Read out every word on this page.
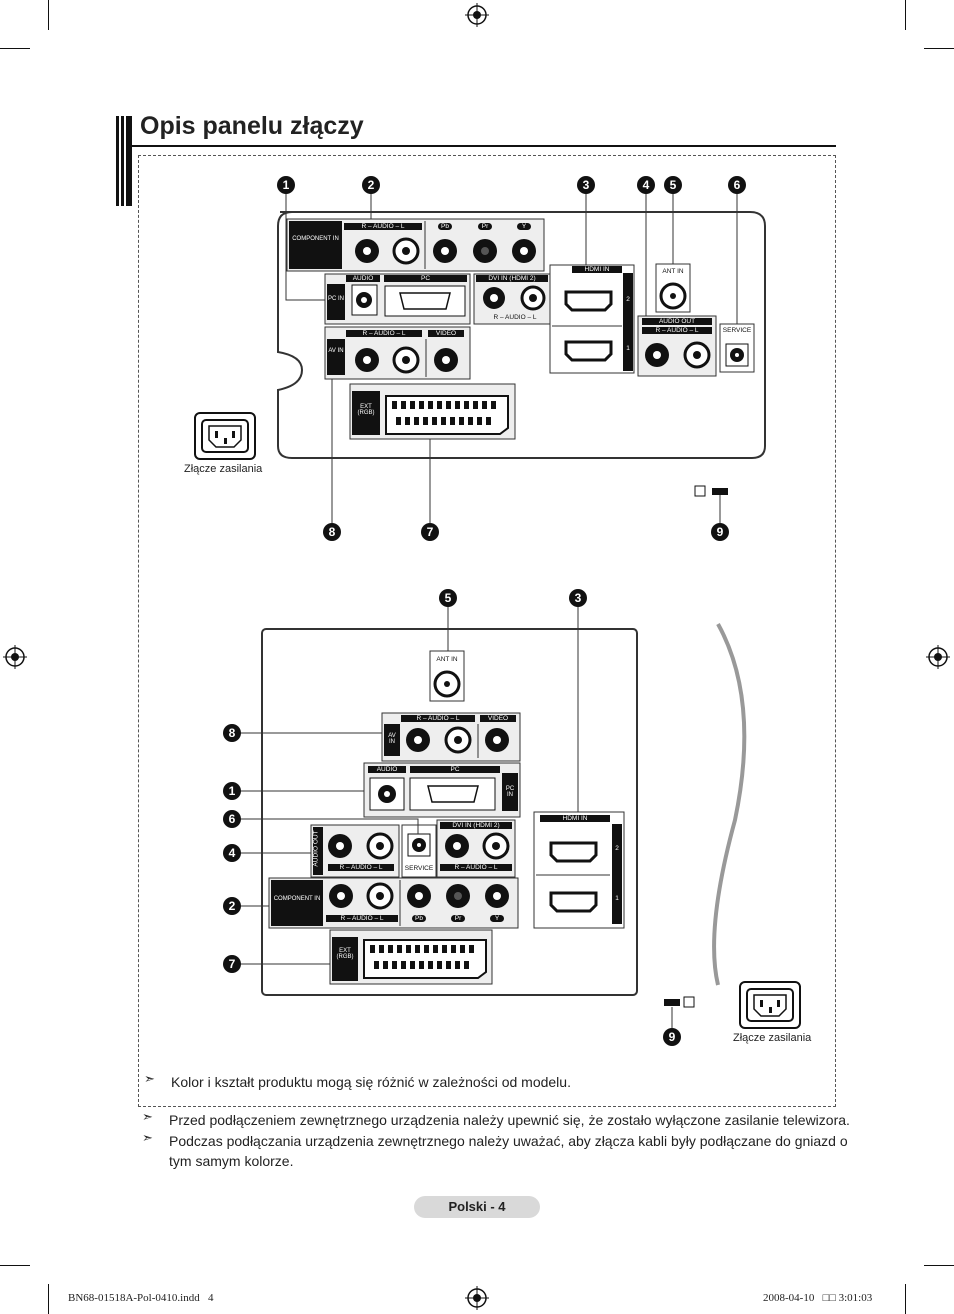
Opis panelu złączy
COMPONENT IN
R – AUDIO – L	Pb	Pr	Y
AUDIO	PC
PC IN
DVI IN (HDMI 2)
R – AUDIO – L
HDMI IN
2
1
ANT IN
AUDIO OUT
R – AUDIO – L	SERVICE
AV IN
R – AUDIO – L	VIDEO
EXT (RGB)
Złącze zasilania
1	2	3	4	5	6
8	7	9
ANT IN
AV IN
R – AUDIO – L	VIDEO
AUDIO	PC
PC IN
AUDIO OUT
R – AUDIO – L	SERVICE
DVI IN (HDMI 2)
R – AUDIO – L
COMPONENT IN
R – AUDIO – L	Pb	Pr	Y
EXT (RGB)
HDMI IN
2
1
Złącze zasilania
5	3
8
1
6
4
2
7
9
➣ Kolor i kształt produktu mogą się różnić w zależności od modelu.
➣ Przed podłączeniem zewnętrznego urządzenia należy upewnić się, że zostało wyłączone zasilanie telewizora.
➣ Podczas podłączania urządzenia zewnętrznego należy uważać, aby złącza kabli były podłączane do gniazd o
tym samym kolorze.
Polski - 4
BN68-01518A-Pol-0410.indd   4	2008-04-10   □□ 3:01:03
